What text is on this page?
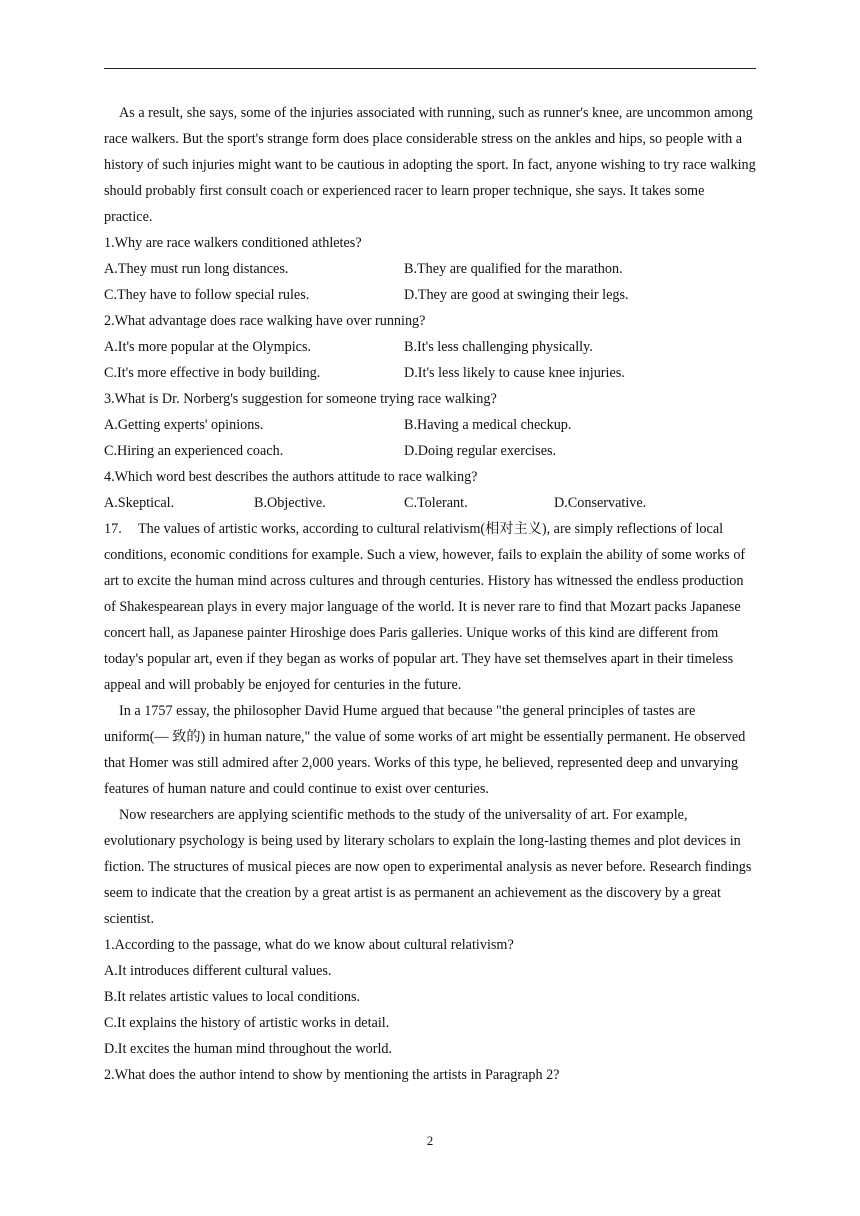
As a result, she says, some of the injuries associated with running, such as runner's knee, are uncommon among race walkers. But the sport's strange form does place considerable stress on the ankles and hips, so people with a history of such injuries might want to be cautious in adopting the sport. In fact, anyone wishing to try race walking should probably first consult coach or experienced racer to learn proper technique, she says. It takes some practice.

1.Why are race walkers conditioned athletes?

A.They must run long distances.	B.They are qualified for the marathon.
C.They have to follow special rules.	D.They are good at swinging their legs.

2.What advantage does race walking have over running?

A.It's more popular at the Olympics.	B.It's less challenging physically.
C.It's more effective in body building.	D.It's less likely to cause knee injuries.

3.What is Dr. Norberg's suggestion for someone trying race walking?

A.Getting experts' opinions.	B.Having a medical checkup.
C.Hiring an experienced coach.	D.Doing regular exercises.

4.Which word best describes the authors attitude to race walking?

A.Skeptical.	B.Objective.	C.Tolerant.	D.Conservative.

17. The values of artistic works, according to cultural relativism(相对主义), are simply reflections of local conditions, economic conditions for example. Such a view, however, fails to explain the ability of some works of art to excite the human mind across cultures and through centuries. History has witnessed the endless production of Shakespearean plays in every major language of the world. It is never rare to find that Mozart packs Japanese concert hall, as Japanese painter Hiroshige does Paris galleries. Unique works of this kind are different from today's popular art, even if they began as works of popular art. They have set themselves apart in their timeless appeal and will probably be enjoyed for centuries in the future.

In a 1757 essay, the philosopher David Hume argued that because "the general principles of tastes are uniform(— 致的) in human nature," the value of some works of art might be essentially permanent. He observed that Homer was still admired after 2,000 years. Works of this type, he believed, represented deep and unvarying features of human nature and could continue to exist over centuries.

Now researchers are applying scientific methods to the study of the universality of art. For example, evolutionary psychology is being used by literary scholars to explain the long-lasting themes and plot devices in fiction. The structures of musical pieces are now open to experimental analysis as never before. Research findings seem to indicate that the creation by a great artist is as permanent an achievement as the discovery by a great scientist.

1.According to the passage, what do we know about cultural relativism?

A.It introduces different cultural values.

B.It relates artistic values to local conditions.

C.It explains the history of artistic works in detail.

D.It excites the human mind throughout the world.

2.What does the author intend to show by mentioning the artists in Paragraph 2?

2
